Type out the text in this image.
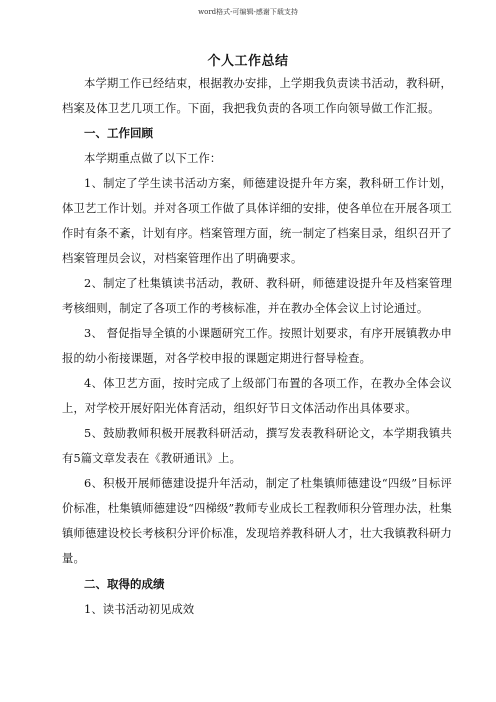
word格式-可编辑-感谢下载支持
个人工作总结

本学期工作已经结束，根据教办安排，上学期我负责读书活动，教科研，档案及体卫艺几项工作。下面，我把我负责的各项工作向领导做工作汇报。

一、工作回顾

本学期重点做了以下工作：

1、制定了学生读书活动方案，师德建设提升年方案，教科研工作计划，体卫艺工作计划。并对各项工作做了具体详细的安排，使各单位在开展各项工作时有条不紊，计划有序。档案管理方面，统一制定了档案目录，组织召开了档案管理员会议，对档案管理作出了明确要求。

2、制定了杜集镇读书活动，教研、教科研，师德建设提升年及档案管理考核细则，制定了各项工作的考核标准，并在教办全体会议上讨论通过。

3、 督促指导全镇的小课题研究工作。按照计划要求，有序开展镇教办申报的幼小衔接课题，对各学校申报的课题定期进行督导检查。

4、体卫艺方面，按时完成了上级部门布置的各项工作，在教办全体会议上，对学校开展好阳光体育活动，组织好节日文体活动作出具体要求。

5、鼓励教师积极开展教科研活动，撰写发表教科研论文，本学期我镇共有5篇文章发表在《教研通讯》上。

6、积极开展师德建设提升年活动，制定了杜集镇师德建设“四级”目标评价标准，杜集镇师德建设“四梯级”教师专业成长工程教师积分管理办法，杜集镇师德建设校长考核积分评价标准，发现培养教科研人才，壮大我镇教科研力量。

二、取得的成绩

1、读书活动初见成效
